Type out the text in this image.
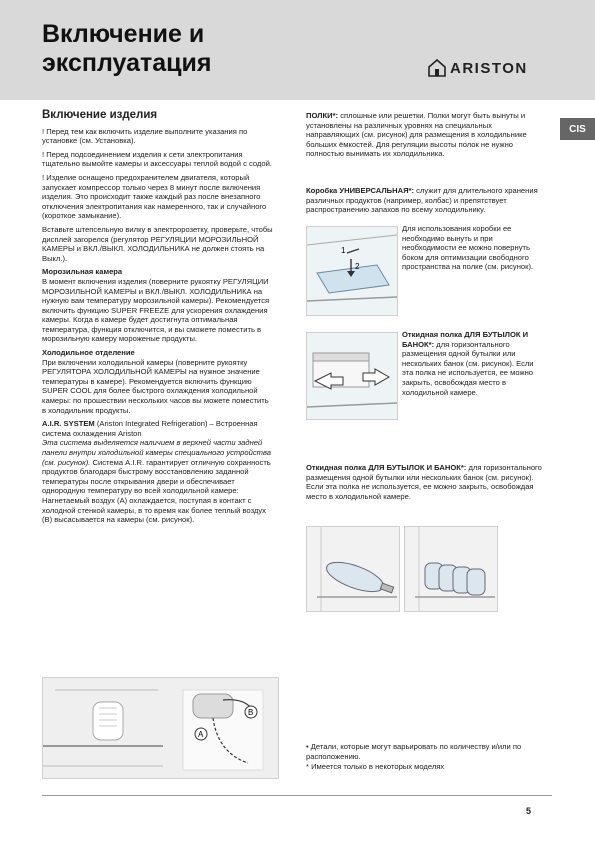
Включение и
эксплуатация	ARISTON
CIS

Включение изделия

! Перед тем как включить изделие выполните указания по установке (см. Установка).

! Перед подсоединением изделия к сети электропитания тщательно вымойте камеры и аксессуары теплой водой с содой.

! Изделие оснащено предохранителем двигателя, который запускает компрессор только через 8 минут после включения изделия. Это происходит также каждый раз после внезапного отключения электропитания как намеренного, так и случайного (короткое замыкание).

Вставьте штепсельную вилку в электророзетку, проверьте, чтобы дисплей загорелся (регулятор РЕГУЛЯЦИИ МОРОЗИЛЬНОЙ КАМЕРЫ и ВКЛ./ВЫКЛ. ХОЛОДИЛЬНИКА не должен стоять на Выкл.).

Морозильная камера

В момент включения изделия (поверните рукоятку РЕГУЛЯЦИИ МОРОЗИЛЬНОЙ КАМЕРЫ и ВКЛ./ВЫКЛ. ХОЛОДИЛЬНИКА на нужную вам температуру морозильной камеры). Рекомендуется включить функцию SUPER FREEZE для ускорения охлаждения камеры. Когда в камере будет достигнута оптимальная температура, функция отключится, и вы сможете поместить в морозильную камеру мороженые продукты.

Холодильное отделение

При включении холодильной камеры (поверните рукоятку РЕГУЛЯТОРА ХОЛОДИЛЬНОЙ КАМЕРЫ на нужное значение температуры в камере). Рекомендуется включить функцию SUPER COOL для более быстрого охлаждения холодильной камеры: по прошествии нескольких часов вы можете поместить в холодильник продукты.

A.I.R. SYSTEM (Ariston Integrated Refrigeration) – Встроенная система охлаждения Ariston

Эта система выделяется наличием в верхней части задней панели внутри холодильной камеры специального устройства (см. рисунок). Система A.I.R. гарантирует отличную сохранность продуктов благодаря быстрому восстановлению заданной температуры после открывания двери и обеспечивает однородную температуру во всей холодильной камере: Нагнетаемый воздух (А) охлаждается, поступая в контакт с холодной стенкой камеры, в то время как более теплый воздух (В) высасывается на камеры (см. рисунок).

A
B

ПОЛКИ*: сплошные или решетки. Полки могут быть вынуты и установлены на различных уровнях на специальных направляющих (см. рисунок) для размещения в холодильнике больших ёмкостей. Для регуляции высоты полок не нужно полностью вынимать их холодильника.

Коробка УНИВЕРСАЛЬНАЯ*: служит для длительного хранения различных продуктов (например, колбас) и препятствует распространению запахов по всему холодильнику.

Для использования коробки ее необходимо вынуть и при необходимости ее можно повернуть боком для оптимизации свободного пространства на полке (см. рисунок).

1
2

Откидная полка ДЛЯ БУТЫЛОК И БАНОК*: для горизонтального размещения одной бутылки или нескольких банок (см. рисунок). Если эта полка не используется, ее можно закрыть, освобождая место в холодильной камере.

Откидная полка ДЛЯ БУТЫЛОК И БАНОК*: для горизонтального размещения одной бутылки или нескольких банок (см. рисунок). Если эта полка не используется, ее можно закрыть, освобождая место в холодильной камере.

• Детали, которые могут варьировать по количеству и/или по расположению.

* Имеется только в некоторых моделях

5
